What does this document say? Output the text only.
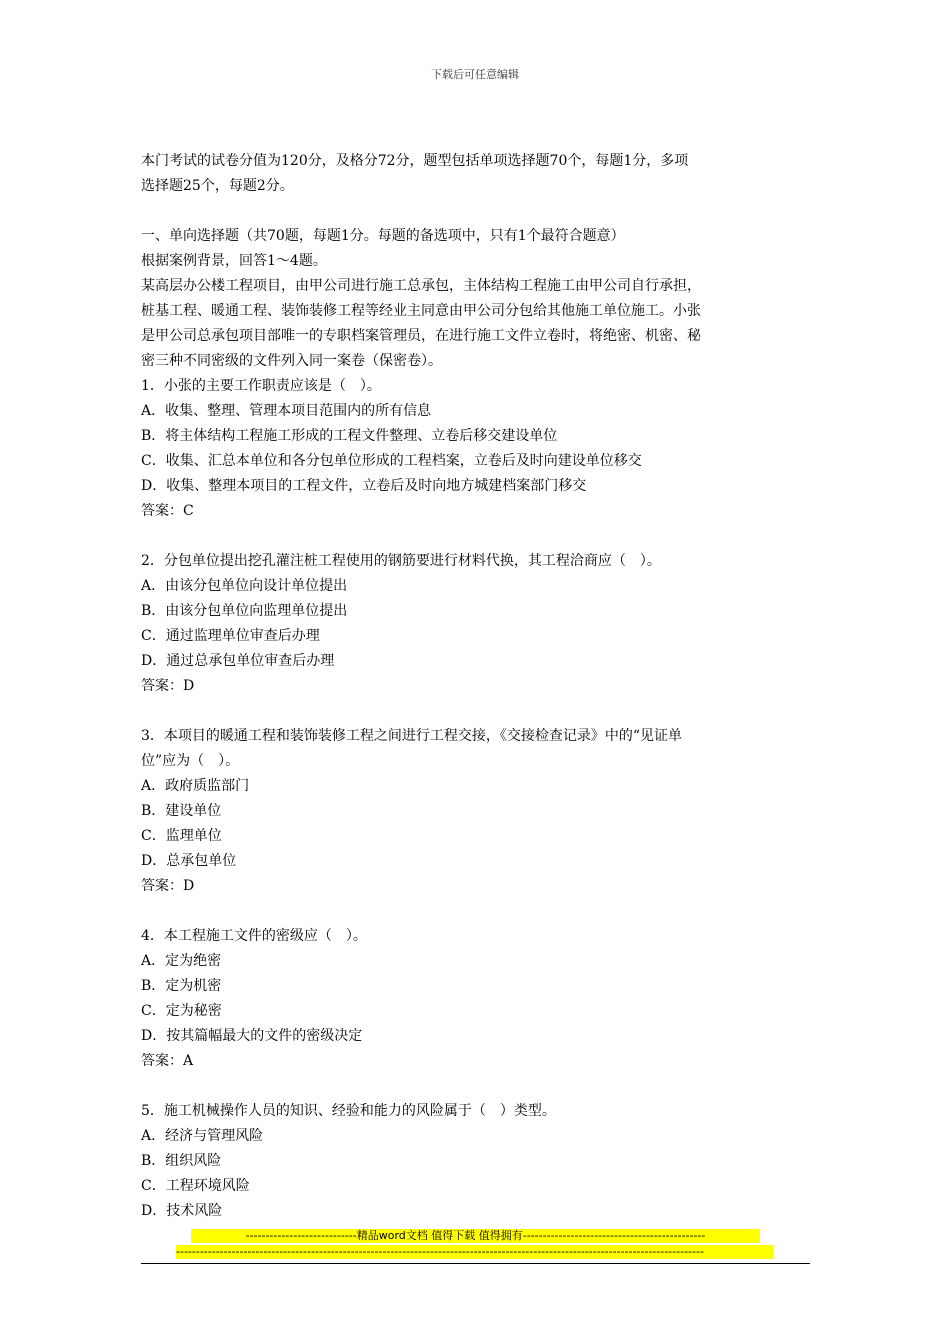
下载后可任意编辑

本门考试的试卷分值为120分，及格分72分，题型包括单项选择题70个，每题1分，多项

选择题25个，每题2分。

一、单向选择题（共70题，每题1分。每题的备选项中，只有1个最符合题意）

根据案例背景，回答1～4题。

某高层办公楼工程项目，由甲公司进行施工总承包，主体结构工程施工由甲公司自行承担，

桩基工程、暖通工程、装饰装修工程等经业主同意由甲公司分包给其他施工单位施工。小张

是甲公司总承包项目部唯一的专职档案管理员，在进行施工文件立卷时，将绝密、机密、秘

密三种不同密级的文件列入同一案卷（保密卷）。

1．小张的主要工作职责应该是（　）。

A．收集、整理、管理本项目范围内的所有信息

B．将主体结构工程施工形成的工程文件整理、立卷后移交建设单位

C．收集、汇总本单位和各分包单位形成的工程档案，立卷后及时向建设单位移交

D．收集、整理本项目的工程文件，立卷后及时向地方城建档案部门移交

答案：C

2．分包单位提出挖孔灌注桩工程使用的钢筋要进行材料代换，其工程洽商应（　）。

A．由该分包单位向设计单位提出

B．由该分包单位向监理单位提出

C．通过监理单位审查后办理

D．通过总承包单位审查后办理

答案：D

3．本项目的暖通工程和装饰装修工程之间进行工程交接，《交接检查记录》中的“见证单

位”应为（　）。

A．政府质监部门

B．建设单位

C．监理单位

D．总承包单位

答案：D

4．本工程施工文件的密级应（　）。

A．定为绝密

B．定为机密

C．定为秘密

D．按其篇幅最大的文件的密级决定

答案：A

5．施工机械操作人员的知识、经验和能力的风险属于（　）类型。

A．经济与管理风险

B．组织风险

C．工程环境风险

D．技术风险

----------------------------精品word文档 值得下载 值得拥有----------------------------------------------
-------------------------------------------------------------------------------------------------------------------------------------
